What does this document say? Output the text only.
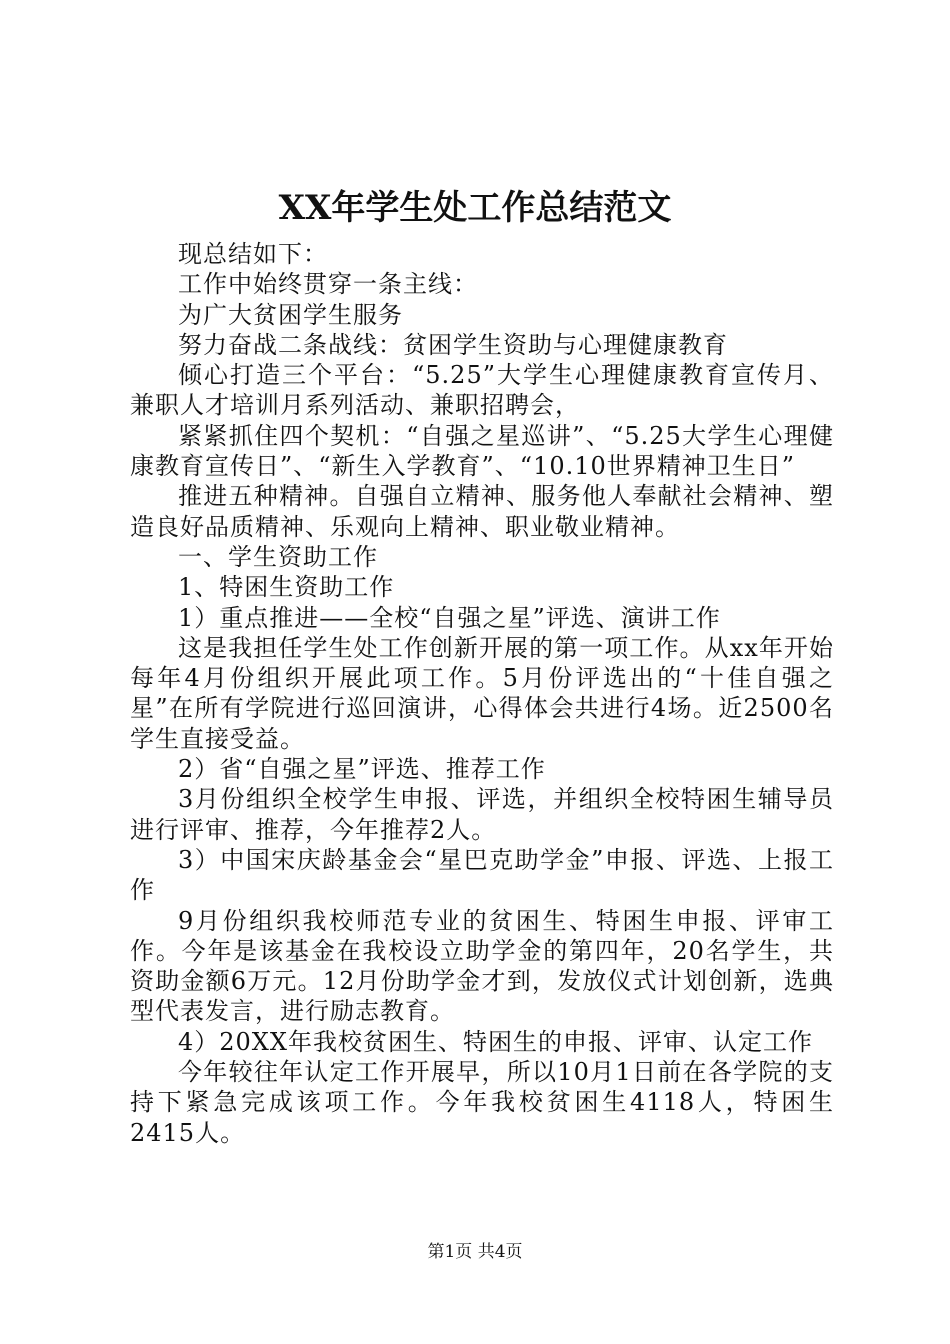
XX年学生处工作总结范文

现总结如下：

工作中始终贯穿一条主线：

为广大贫困学生服务

努力奋战二条战线：贫困学生资助与心理健康教育

倾心打造三个平台：“5.25”大学生心理健康教育宣传月、兼职人才培训月系列活动、兼职招聘会，

紧紧抓住四个契机：“自强之星巡讲”、“5.25大学生心理健康教育宣传日”、“新生入学教育”、“10.10世界精神卫生日”

推进五种精神。自强自立精神、服务他人奉献社会精神、塑造良好品质精神、乐观向上精神、职业敬业精神。

一、学生资助工作

1、特困生资助工作

1）重点推进——全校“自强之星”评选、演讲工作

这是我担任学生处工作创新开展的第一项工作。从xx年开始每年4月份组织开展此项工作。5月份评选出的“十佳自强之星”在所有学院进行巡回演讲，心得体会共进行4场。近2500名学生直接受益。

2）省“自强之星”评选、推荐工作

3月份组织全校学生申报、评选，并组织全校特困生辅导员进行评审、推荐，今年推荐2人。

3）中国宋庆龄基金会“星巴克助学金”申报、评选、上报工作

9月份组织我校师范专业的贫困生、特困生申报、评审工作。今年是该基金在我校设立助学金的第四年，20名学生，共资助金额6万元。12月份助学金才到，发放仪式计划创新，选典型代表发言，进行励志教育。

4）20XX年我校贫困生、特困生的申报、评审、认定工作

今年较往年认定工作开展早，所以10月1日前在各学院的支持下紧急完成该项工作。今年我校贫困生4118人，特困生2415人。

第1页 共4页
